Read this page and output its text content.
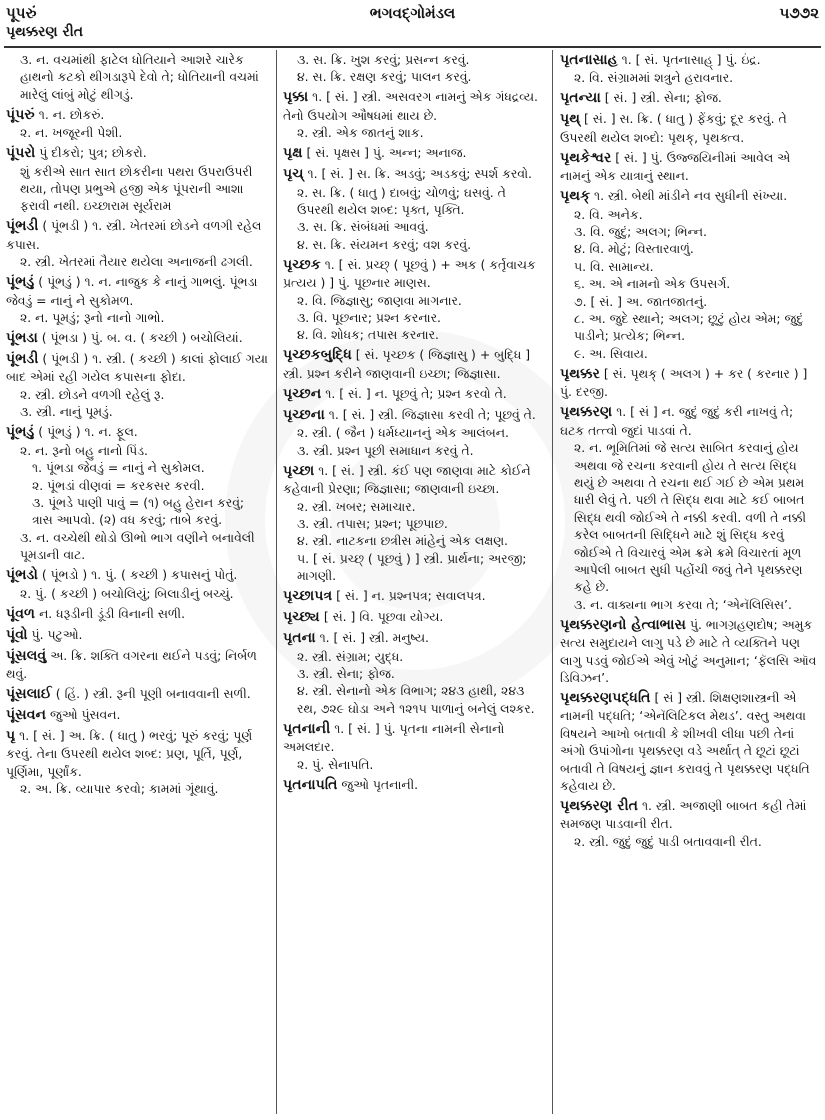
પૂપરું	ભગવદ્ગોમંડલ	૫૭૭૨
પૃથક્કરણ રીત

૩. ન. વચમાંથી ફાટેલ ધોતિયાને આશરે ચારેક હાથનો કટકો થીગડારૂપે દેવો તે; ધોતિયાની વચમાં મારેલું લાંબું મોટું થીગડું.

પૂંપરું ૧. ન. છોકરું.
૨. ન. ખજૂરની પેશી.

પૂંપરો પું દીકરો; પુત્ર; છોકરો.
શું કરીએ સાત સાત છોકરીના પથરા ઉપરાઉપરી થયા, તોપણ પ્રભુએ હજી એક પૂંપરાની આશા ફરાવી નથી. ઇચ્છારામ સૂર્યરામ

પૂંભડી ( પૂંભડી ) ૧. સ્ત્રી. ખેતરમાં છોડને વળગી રહેલ કપાસ.
૨. સ્ત્રી. ખેતરમાં તૈયાર થયેલા અનાજની ઢગલી.

પૂંભડું ( પૂંભડું ) ૧. ન. નાજુક કે નાનું ગાભલું. પૂંભડા જેવડું = નાનું ને સુકોમળ.
૨. ન. પૂમડું; રૂનો નાનો ગાભો.

પૂંભડા ( પૂંભડા ) પું. બ. વ. ( કચ્છી ) બચોલિયાં.

પૂંભડી ( પૂંભડી ) ૧. સ્ત્રી. ( કચ્છી ) કાલાં ફોલાઈ ગયા બાદ એમાં રહી ગયેલ કપાસના ફોદા.
૨. સ્ત્રી. છોડને વળગી રહેલું રૂ.
૩. સ્ત્રી. નાનું પૂમડું.

પૂંભડું ( પૂંભડું ) ૧. ન. ફૂલ.
૨. ન. રૂનો બહુ નાનો પિંડ.
૧. પૂંભડા જેવડું = નાનું ને સુકોમલ.
૨. પૂંભડાં વીણવાં = કરકસર કરવી.
૩. પૂંભડે પાણી પાવું = (૧) બહુ હેરાન કરવું; ત્રાસ આપવો. (૨) વધ કરવું; તાબે કરવું.
૩. ન. વચ્ચેથી થોડો ઊભો ભાગ વણીને બનાવેલી પૂમડાની વાટ.

પૂંભડો ( પૂંભડો ) ૧. પું. ( કચ્છી ) કપાસનું પોતું.
૨. પું. ( કચ્છી ) બચોલિયું; બિલાડીનું બચ્ચું.

પૂંવળ ન. ધરૂડીની ડૂંડી વિનાની સળી.

પૂંવો પું. પટુઓ.

પૂંસલવું અ. ક્રિ. શક્તિ વગરના થઈને પડવું; નિર્બળ થવું.

પૂંસલાઈ ( હિં. ) સ્ત્રી. રૂની પૂણી બનાવવાની સળી.

પૂંસવન જુઓ પુંસવન.

પૃ ૧. [ સં. ] અ. ક્રિ. ( ધાતુ ) ભરવું; પૂરું કરવું; પૂર્ણ કરવું. તેના ઉપરથી થયેલ શબ્દ: પ્રણ, પૂર્તિ, પૂર્ણ, પૂર્ણિમા, પૂર્ણાંક.
૨. અ. ક્રિ. વ્યાપાર કરવો; કામમાં ગૂંથાવું.

૩. સ. ક્રિ. ખુશ કરવું; પ્રસન્ન કરવું.
૪. સ. ક્રિ. રક્ષણ કરવું; પાલન કરવું.

પૃક્કા ૧. [ સં. ] સ્ત્રી. અસવરગ નામનું એક ગંધદ્રવ્ય. તેનો ઉપયોગ ઔષધમાં થાય છે.
૨. સ્ત્રી. એક જાતનું શાક.

પૃક્ષ [ સં. પૃક્ષસ ] પું. અન્ન; અનાજ.

પૃચ્ ૧. [ સં. ] સ. ક્રિ. અડવું; અડકવું; સ્પર્શ કરવો.
૨. સ. ક્રિ. ( ધાતુ ) દાબવું; ચોળવું; ઘસવું. તે ઉપરથી થયેલ શબ્દ: પૃક્ત, પૃક્તિ.
૩. સ. ક્રિ. સંબંધમાં આવવું.
૪. સ. ક્રિ. સંયમન કરવું; વશ કરવું.

પૃચ્છક ૧. [ સં. પ્રચ્છ્ ( પૂછવું ) + અક ( કર્તૃવાચક પ્રત્યય ) ] પું. પૂછનાર માણસ.
૨. વિ. જિજ્ઞાસુ; જાણવા માગનાર.
૩. વિ. પૂછનાર; પ્રશ્ન કરનાર.
૪. વિ. શોધક; તપાસ કરનાર.

પૃચ્છકબુદ્ધિ [ સં. પૃચ્છક ( જિજ્ઞાસુ ) + બુદ્ધિ ] સ્ત્રી. પ્રશ્ન કરીને જાણવાની ઇચ્છા; જિજ્ઞાસા.

પૃચ્છન ૧. [ સં. ] ન. પૂછવું તે; પ્રશ્ન કરવો તે.

પૃચ્છના ૧. [ સં. ] સ્ત્રી. જિજ્ઞાસા કરવી તે; પૂછવું તે.
૨. સ્ત્રી. ( જૈન ) ધર્મધ્યાનનું એક આલંબન.
૩. સ્ત્રી. પ્રશ્ન પૂછી સમાધાન કરવું તે.

પૃચ્છા ૧. [ સં. ] સ્ત્રી. કંઈ પણ જાણવા માટે કોઈને કહેવાની પ્રેરણા; જિજ્ઞાસા; જાણવાની ઇચ્છા.
૨. સ્ત્રી. ખબર; સમાચાર.
૩. સ્ત્રી. તપાસ; પ્રશ્ન; પૂછપાછ.
૪. સ્ત્રી. નાટકના છત્રીસ માંહેનું એક લક્ષણ.
૫. [ સં. પ્રચ્છ્ ( પૂછવું ) ] સ્ત્રી. પ્રાર્થના; અરજી; માગણી.

પૃચ્છાપત્ર [ સં. ] ન. પ્રશ્નપત્ર; સવાલપત્ર.

પૃચ્છ્ય [ સં. ] વિ. પૂછવા યોગ્ય.

પૃતના ૧. [ સં. ] સ્ત્રી. મનુષ્ય.
૨. સ્ત્રી. સંગ્રામ; યુદ્ધ.
૩. સ્ત્રી. સેના; ફોજ.
૪. સ્ત્રી. સેનાનો એક વિભાગ; ૨૪૩ હાથી, ૨૪૩ રથ, ૭૨૯ ઘોડા અને ૧૨૧૫ પાળાનું બનેલું લશ્કર.

પૃતનાની ૧. [ સં. ] પું. પૃતના નામની સેનાનો અમલદાર.
૨. પું. સેનાપતિ.

પૃતનાપતિ જુઓ પૃતનાની.

પૃતનાસાહ ૧. [ સં. પૃતનાસાહ્ ] પું. ઇંદ્ર.
૨. વિ. સંગ્રામમાં શત્રુને હરાવનાર.

પૃતન્યા [ સં. ] સ્ત્રી. સેના; ફોજ.

પૃથ્ [ સં. ] સ. ક્રિ. ( ધાતુ ) ફેંકવું; દૂર કરવું. તે ઉપરથી થયેલ શબ્દો: પૃથક્, પૃથક્ત્વ.

પૃથકેશ્વર [ સં. ] પું. ઉજ્જયિનીમાં આવેલ એ નામનું એક યાત્રાનું સ્થાન.

પૃથક્ ૧. સ્ત્રી. બેથી માંડીને નવ સુધીની સંખ્યા.
૨. વિ. અનેક.
૩. વિ. જુદું; અલગ; ભિન્ન.
૪. વિ. મોટું; વિસ્તારવાળું.
૫. વિ. સામાન્ય.
૬. અ. એ નામનો એક ઉપસર્ગ.
૭. [ સં. ] અ. જાતજાતનું.
૮. અ. જુદે સ્થાને; અલગ; છૂટું હોય એમ; જુદું પાડીને; પ્રત્યેક; ભિન્ન.
૯. અ. સિવાય.

પૃથક્કર [ સં. પૃથક્ ( અલગ ) + કર ( કરનાર ) ] પું. દરજી.

પૃથક્કરણ ૧. [ સં ] ન. જુદું જુદું કરી નાખવું તે; ઘટક તત્ત્વો જુદાં પાડવાં તે.
૨. ન. ભૂમિતિમાં જે સત્ય સાબિત કરવાનું હોય અથવા જે રચના કરવાની હોય તે સત્ય સિદ્ધ થયું છે અથવા તે રચના થઈ ગઈ છે એમ પ્રથમ ધારી લેવું તે. પછી તે સિદ્ધ થવા માટે કઈ બાબત સિદ્ધ થવી જોઈએ તે નક્કી કરવી. વળી તે નક્કી કરેલ બાબતની સિદ્ધિને માટે શું સિદ્ધ કરવું જોઈએ તે વિચારવું એમ ક્રમે ક્રમે વિચારતાં મૂળ આપેલી બાબત સુધી પહોંચી જવું તેને પૃથક્કરણ કહે છે.
૩. ન. વાક્યના ભાગ કરવા તે; ‘એનૅલિસિસ’.

પૃથક્કરણનો હેત્વાભાસ પું. ભાગગ્રહણદોષ; અમુક સત્ય સમુદાયને લાગુ પડે છે માટે તે વ્યક્તિને પણ લાગુ પડવું જોઈએ એવું ખોટું અનુમાન; ‘ફૅલસિ ઑવ ડિવિઝન’.

પૃથક્કરણપદ્ધતિ [ સં ] સ્ત્રી. શિક્ષણશાસ્ત્રની એ નામની પદ્ધતિ; ‘એનૅલિટિકલ મેથડ’. વસ્તુ અથવા વિષયને આખો બતાવી કે શીખવી લીધા પછી તેનાં અંગો ઉપાંગોના પૃથક્કરણ વડે અર્થાત્ તે છૂટાં છૂટાં બતાવી તે વિષયનું જ્ઞાન કરાવવું તે પૃથક્કરણ પદ્ધતિ કહેવાય છે.

પૃથક્કરણ રીત ૧. સ્ત્રી. અજાણી બાબત કહી તેમાં સમજણ પાડવાની રીત.
૨. સ્ત્રી. જુદું જુદું પાડી બતાવવાની રીત.
